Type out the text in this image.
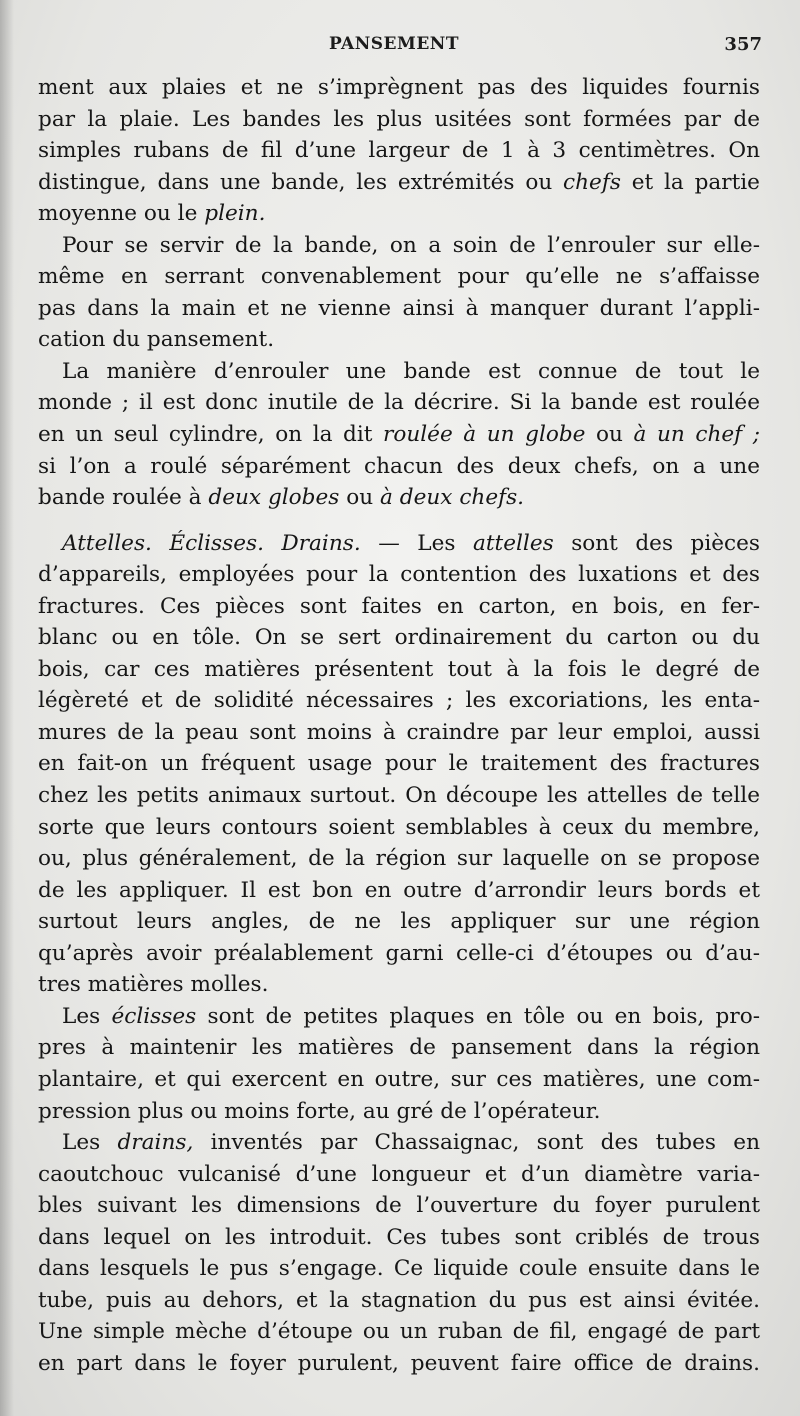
PANSEMENT	357
ment aux plaies et ne s’imprègnent pas des liquides fournis
par la plaie. Les bandes les plus usitées sont formées par de
simples rubans de fil d’une largeur de 1 à 3 centimètres. On
distingue, dans une bande, les extrémités ou chefs et la partie
moyenne ou le plein.
Pour se servir de la bande, on a soin de l’enrouler sur elle-
même en serrant convenablement pour qu’elle ne s’affaisse
pas dans la main et ne vienne ainsi à manquer durant l’appli-
cation du pansement.
La manière d’enrouler une bande est connue de tout le
monde ; il est donc inutile de la décrire. Si la bande est roulée
en un seul cylindre, on la dit roulée à un globe ou à un chef ;
si l’on a roulé séparément chacun des deux chefs, on a une
bande roulée à deux globes ou à deux chefs.
Attelles. Éclisses. Drains. — Les attelles sont des pièces
d’appareils, employées pour la contention des luxations et des
fractures. Ces pièces sont faites en carton, en bois, en fer-
blanc ou en tôle. On se sert ordinairement du carton ou du
bois, car ces matières présentent tout à la fois le degré de
légèreté et de solidité nécessaires ; les excoriations, les enta-
mures de la peau sont moins à craindre par leur emploi, aussi
en fait-on un fréquent usage pour le traitement des fractures
chez les petits animaux surtout. On découpe les attelles de telle
sorte que leurs contours soient semblables à ceux du membre,
ou, plus généralement, de la région sur laquelle on se propose
de les appliquer. Il est bon en outre d’arrondir leurs bords et
surtout leurs angles, de ne les appliquer sur une région
qu’après avoir préalablement garni celle-ci d’étoupes ou d’au-
tres matières molles.
Les éclisses sont de petites plaques en tôle ou en bois, pro-
pres à maintenir les matières de pansement dans la région
plantaire, et qui exercent en outre, sur ces matières, une com-
pression plus ou moins forte, au gré de l’opérateur.
Les drains, inventés par Chassaignac, sont des tubes en
caoutchouc vulcanisé d’une longueur et d’un diamètre varia-
bles suivant les dimensions de l’ouverture du foyer purulent
dans lequel on les introduit. Ces tubes sont criblés de trous
dans lesquels le pus s’engage. Ce liquide coule ensuite dans le
tube, puis au dehors, et la stagnation du pus est ainsi évitée.
Une simple mèche d’étoupe ou un ruban de fil, engagé de part
en part dans le foyer purulent, peuvent faire office de drains.
